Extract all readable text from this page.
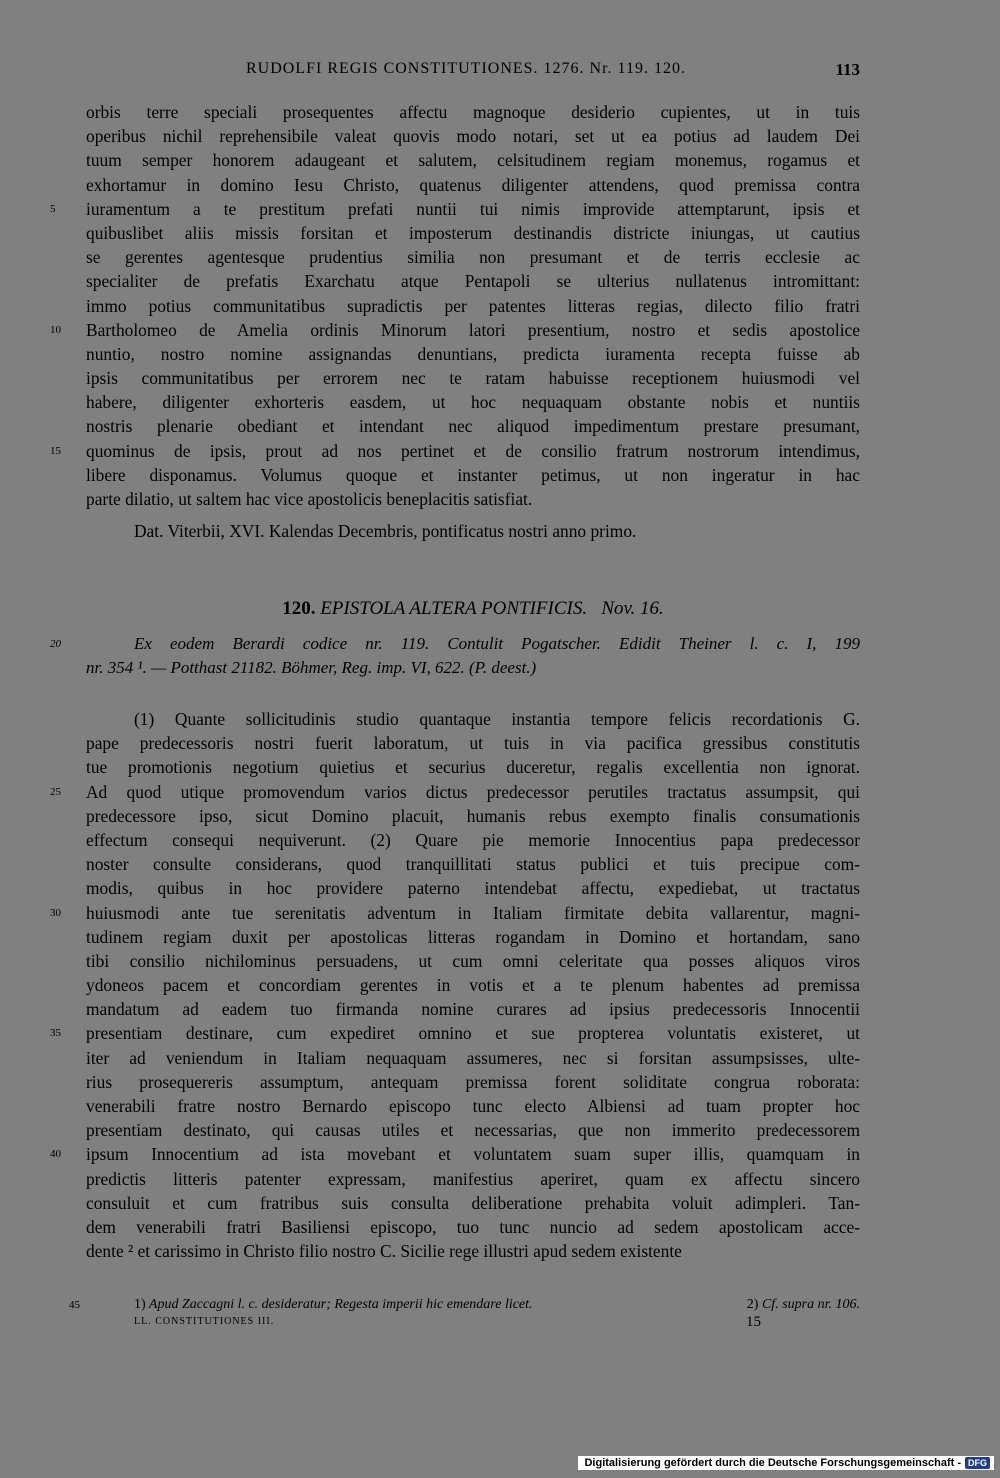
RUDOLFI REGIS CONSTITUTIONES. 1276. Nr. 119. 120.	113
orbis terre speciali prosequentes affectu magnoque desiderio cupientes, ut in tuis
operibus nichil reprehensibile valeat quovis modo notari, set ut ea potius ad laudem Dei
tuum semper honorem adaugeant et salutem, celsitudinem regiam monemus, rogamus et
exhortamur in domino Iesu Christo, quatenus diligenter attendens, quod premissa contra
5	iuramentum a te prestitum prefati nuntii tui nimis improvide attemptarunt, ipsis et
quibuslibet aliis missis forsitan et imposterum destinandis districte iniungas, ut cautius
se gerentes agentesque prudentius similia non presumant et de terris ecclesie ac
specialiter de prefatis Exarchatu atque Pentapoli se ulterius nullatenus intromittant:
immo potius communitatibus supradictis per patentes litteras regias, dilecto filio fratri
10	Bartholomeo de Amelia ordinis Minorum latori presentium, nostro et sedis apostolice
nuntio, nostro nomine assignandas denuntians, predicta iuramenta recepta fuisse ab
ipsis communitatibus per errorem nec te ratam habuisse receptionem huiusmodi vel
habere, diligenter exhorteris easdem, ut hoc nequaquam obstante nobis et nuntiis
nostris plenarie obediant et intendant nec aliquod impedimentum prestare presumant,
15	quominus de ipsis, prout ad nos pertinet et de consilio fratrum nostrorum intendimus,
libere disponamus. Volumus quoque et instanter petimus, ut non ingeratur in hac
parte dilatio, ut saltem hac vice apostolicis beneplacitis satisfiat.
Dat. Viterbii, XVI. Kalendas Decembris, pontificatus nostri anno primo.
120. EPISTOLA ALTERA PONTIFICIS. Nov. 16.
20	Ex eodem Berardi codice nr. 119. Contulit Pogatscher. Edidit Theiner l. c. I, 199
nr. 354 ¹. — Potthast 21182. Böhmer, Reg. imp. VI, 622. (P. deest.)
(1) Quante sollicitudinis studio quantaque instantia tempore felicis recordationis G.
pape predecessoris nostri fuerit laboratum, ut tuis in via pacifica gressibus constitutis
tue promotionis negotium quietius et securius duceretur, regalis excellentia non ignorat.
25	Ad quod utique promovendum varios dictus predecessor perutiles tractatus assumpsit, qui
predecessore ipso, sicut Domino placuit, humanis rebus exempto finalis consumationis
effectum consequi nequiverunt. (2) Quare pie memorie Innocentius papa predecessor
noster consulte considerans, quod tranquillitati status publici et tuis precipue com-
modis, quibus in hoc providere paterno intendebat affectu, expediebat, ut tractatus
30	huiusmodi ante tue serenitatis adventum in Italiam firmitate debita vallarentur, magni-
tudinem regiam duxit per apostolicas litteras rogandam in Domino et hortandam, sano
tibi consilio nichilominus persuadens, ut cum omni celeritate qua posses aliquos viros
ydoneos pacem et concordiam gerentes in votis et a te plenum habentes ad premissa
mandatum ad eadem tuo firmanda nomine curares ad ipsius predecessoris Innocentii
35	presentiam destinare, cum expediret omnino et sue propterea voluntatis existeret, ut
iter ad veniendum in Italiam nequaquam assumeres, nec si forsitan assumpsisses, ulte-
rius prosequereris assumptum, antequam premissa forent soliditate congrua roborata:
venerabili fratre nostro Bernardo episcopo tunc electo Albiensi ad tuam propter hoc
presentiam destinato, qui causas utiles et necessarias, que non immerito predecessorem
40	ipsum Innocentium ad ista movebant et voluntatem suam super illis, quamquam in
predictis litteris patenter expressam, manifestius aperiret, quam ex affectu sincero
consuluit et cum fratribus suis consulta deliberatione prehabita voluit adimpleri. Tan-
dem venerabili fratri Basiliensi episcopo, tuo tunc nuncio ad sedem apostolicam acce-
dente ² et carissimo in Christo filio nostro C. Sicilie rege illustri apud sedem existente
45	1) Apud Zaccagni l. c. desideratur; Regesta imperii hic emendare licet.	2) Cf. supra nr. 106.
LL. CONSTITUTIONES III.	15
Digitalisierung gefördert durch die Deutsche Forschungsgemeinschaft - DFG
